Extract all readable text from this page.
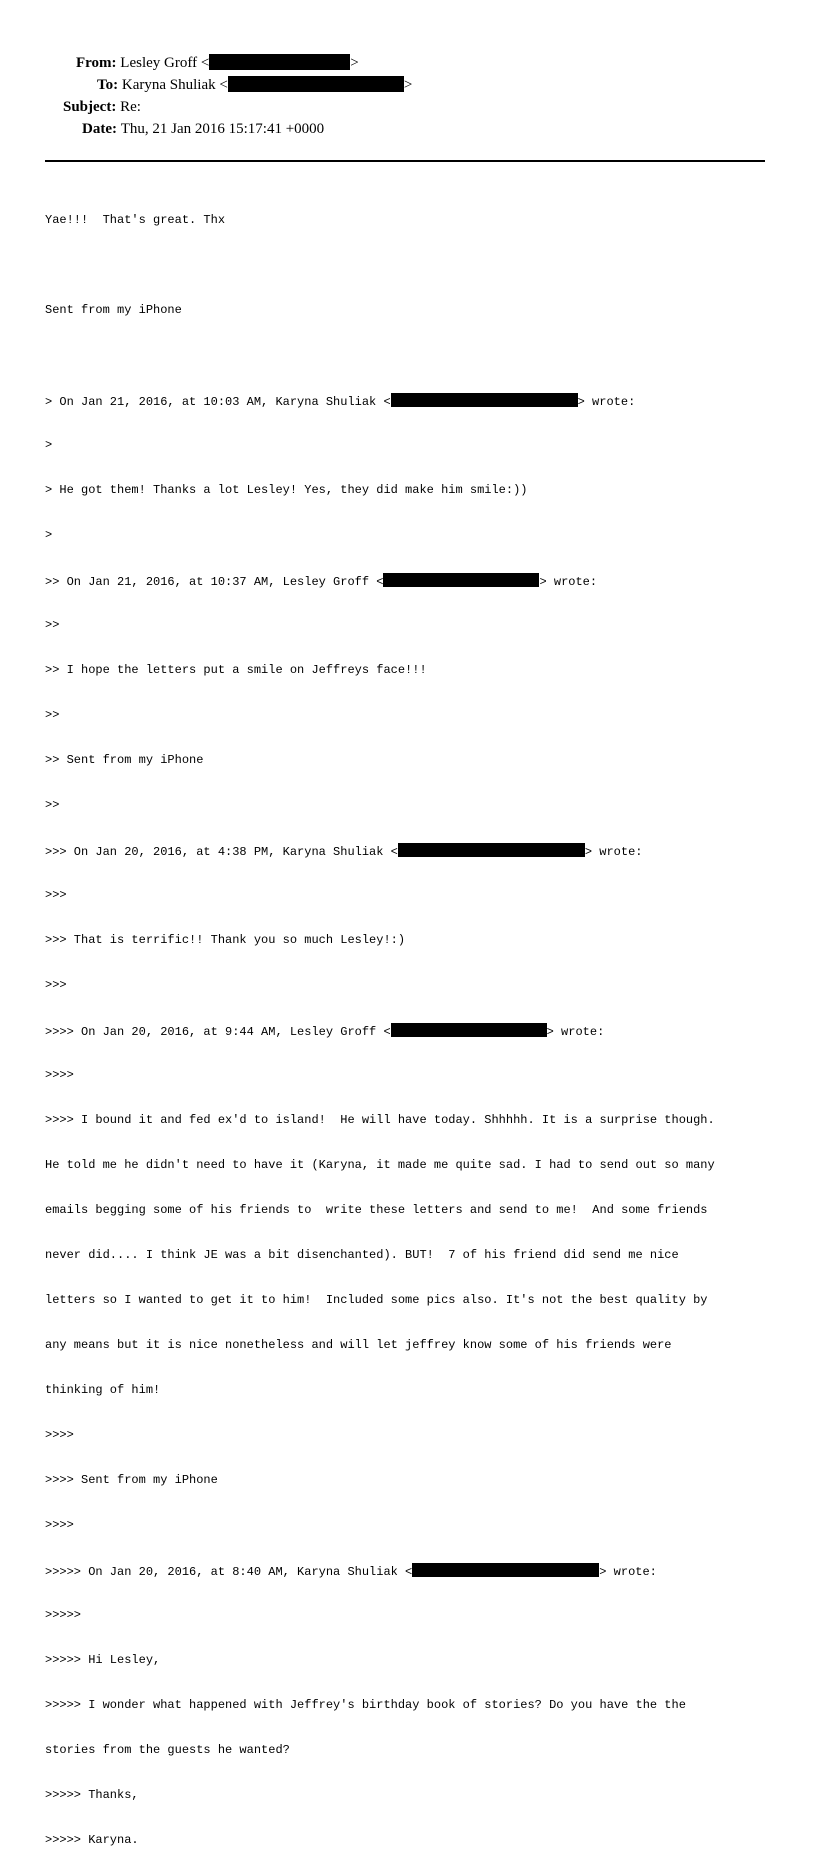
From: Lesley Groff <	>
To: Karyna Shuliak <	>
Subject: Re:
Date: Thu, 21 Jan 2016 15:17:41 +0000

Yae!!!  That's great. Thx

Sent from my iPhone

> On Jan 21, 2016, at 10:03 AM, Karyna Shuliak <	> wrote:

>

> He got them! Thanks a lot Lesley! Yes, they did make him smile:))

>

>> On Jan 21, 2016, at 10:37 AM, Lesley Groff <	> wrote:

>>

>> I hope the letters put a smile on Jeffreys face!!!

>>

>> Sent from my iPhone

>>

>>> On Jan 20, 2016, at 4:38 PM, Karyna Shuliak <	> wrote:

>>>

>>> That is terrific!! Thank you so much Lesley!:)

>>>

>>>> On Jan 20, 2016, at 9:44 AM, Lesley Groff <	> wrote:

>>>>

>>>> I bound it and fed ex'd to island!  He will have today. Shhhhh. It is a surprise though.

He told me he didn't need to have it (Karyna, it made me quite sad. I had to send out so many

emails begging some of his friends to  write these letters and send to me!  And some friends

never did.... I think JE was a bit disenchanted). BUT!  7 of his friend did send me nice

letters so I wanted to get it to him!  Included some pics also. It's not the best quality by

any means but it is nice nonetheless and will let jeffrey know some of his friends were

thinking of him!

>>>>

>>>> Sent from my iPhone

>>>>

>>>>> On Jan 20, 2016, at 8:40 AM, Karyna Shuliak <	> wrote:

>>>>>

>>>>> Hi Lesley,

>>>>> I wonder what happened with Jeffrey's birthday book of stories? Do you have the the

stories from the guests he wanted?

>>>>> Thanks,

>>>>> Karyna.
